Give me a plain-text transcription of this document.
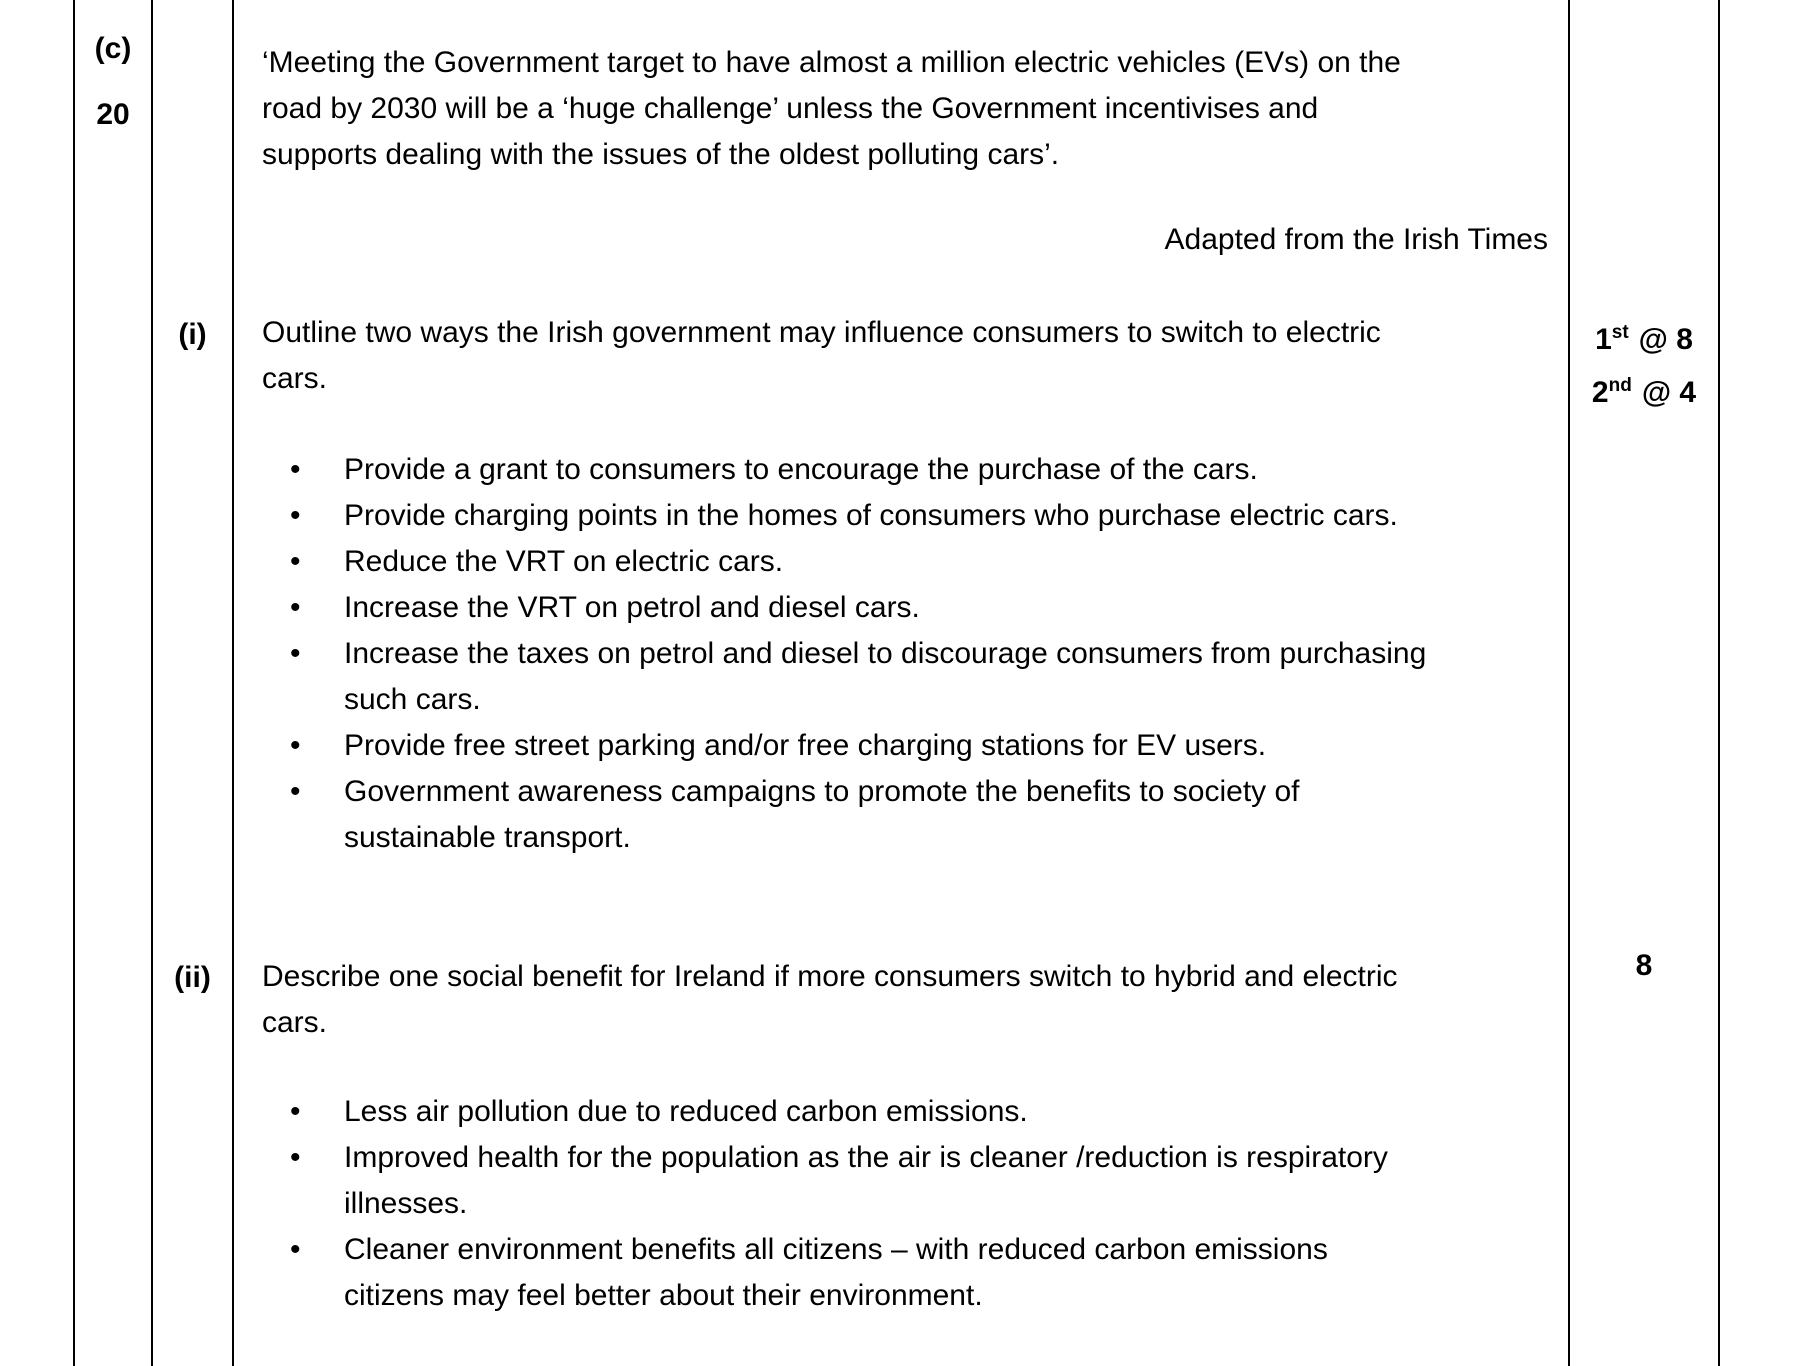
(c)
20
(i)
(ii)
‘Meeting the Government target to have almost a million electric vehicles (EVs) on the
road by 2030 will be a ‘huge challenge’ unless the Government incentivises and
supports dealing with the issues of the oldest polluting cars’.
Adapted from the Irish Times
Outline two ways the Irish government may influence consumers to switch to electric
cars.
• Provide a grant to consumers to encourage the purchase of the cars.
• Provide charging points in the homes of consumers who purchase electric cars.
• Reduce the VRT on electric cars.
• Increase the VRT on petrol and diesel cars.
• Increase the taxes on petrol and diesel to discourage consumers from purchasing
such cars.
• Provide free street parking and/or free charging stations for EV users.
• Government awareness campaigns to promote the benefits to society of
sustainable transport.
Describe one social benefit for Ireland if more consumers switch to hybrid and electric
cars.
• Less air pollution due to reduced carbon emissions.
• Improved health for the population as the air is cleaner /reduction is respiratory
illnesses.
• Cleaner environment benefits all citizens – with reduced carbon emissions
citizens may feel better about their environment.
1st @ 8
2nd @ 4
8
